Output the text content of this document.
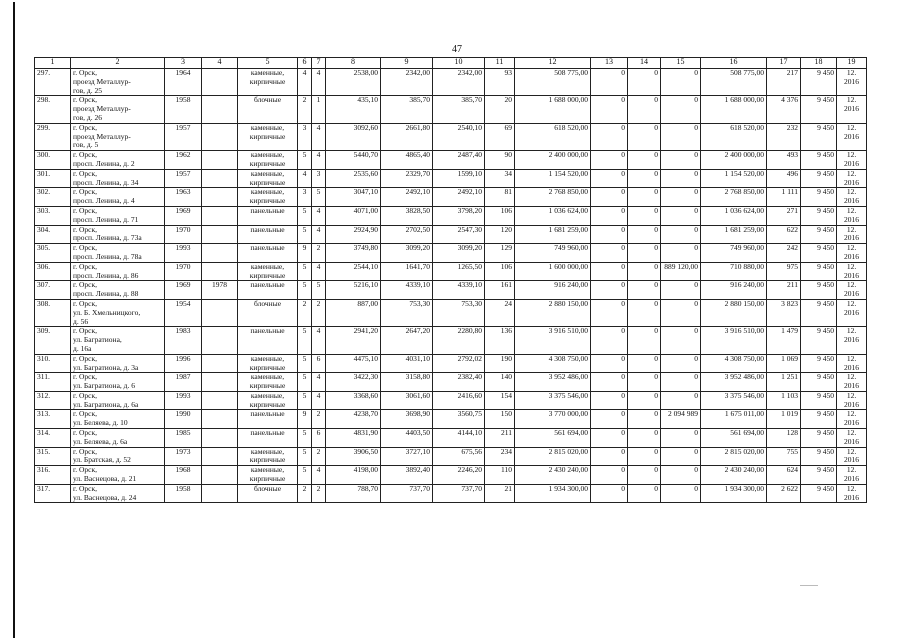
47
1	2	3	4	5	6	7	8	9	10	11	12	13	14	15	16	17	18	19
297.	г. Орск,
проезд Металлур-
гов, д. 25	1964		каменные,
кирпичные	4	4	2538,00	2342,00	2342,00	93	508 775,00	0	0	0	508 775,00	217	9 450	12.
2016
298.	г. Орск,
проезд Металлур-
гов, д. 26	1958		блочные	2	1	435,10	385,70	385,70	20	1 688 000,00	0	0	0	1 688 000,00	4 376	9 450	12.
2016
299.	г. Орск,
проезд Металлур-
гов, д. 5	1957		каменные,
кирпичные	3	4	3092,60	2661,80	2540,10	69	618 520,00	0	0	0	618 520,00	232	9 450	12.
2016
300.	г. Орск,
просп. Ленина, д. 2	1962		каменные,
кирпичные	5	4	5440,70	4865,40	2487,40	90	2 400 000,00	0	0	0	2 400 000,00	493	9 450	12.
2016
301.	г. Орск,
просп. Ленина, д. 34	1957		каменные,
кирпичные	4	3	2535,60	2329,70	1599,10	34	1 154 520,00	0	0	0	1 154 520,00	496	9 450	12.
2016
302.	г. Орск,
просп. Ленина, д. 4	1963		каменные,
кирпичные	3	5	3047,10	2492,10	2492,10	81	2 768 850,00	0	0	0	2 768 850,00	1 111	9 450	12.
2016
303.	г. Орск,
просп. Ленина, д. 71	1969		панельные	5	4	4071,00	3828,50	3798,20	106	1 036 624,00	0	0	0	1 036 624,00	271	9 450	12.
2016
304.	г. Орск,
просп. Ленина, д. 73а	1970		панельные	5	4	2924,90	2702,50	2547,30	120	1 681 259,00	0	0	0	1 681 259,00	622	9 450	12.
2016
305.	г. Орск,
просп. Ленина, д. 78а	1993		панельные	9	2	3749,80	3099,20	3099,20	129	749 960,00	0	0	0	749 960,00	242	9 450	12.
2016
306.	г. Орск,
просп. Ленина, д. 86	1970		каменные,
кирпичные	5	4	2544,10	1641,70	1265,50	106	1 600 000,00	0	0	889 120,00	710 880,00	975	9 450	12.
2016
307.	г. Орск,
просп. Ленина, д. 88	1969	1978	панельные	5	5	5216,10	4339,10	4339,10	161	916 240,00	0	0	0	916 240,00	211	9 450	12.
2016
308.	г. Орск,
ул. Б. Хмельницкого,
д. 56	1954		блочные	2	2	887,00	753,30	753,30	24	2 880 150,00	0	0	0	2 880 150,00	3 823	9 450	12.
2016
309.	г. Орск,
ул. Багратиона,
д. 16а	1983		панельные	5	4	2941,20	2647,20	2280,80	136	3 916 510,00	0	0	0	3 916 510,00	1 479	9 450	12.
2016
310.	г. Орск,
ул. Багратиона, д. 3а	1996		каменные,
кирпичные	5	6	4475,10	4031,10	2792,02	190	4 308 750,00	0	0	0	4 308 750,00	1 069	9 450	12.
2016
311.	г. Орск,
ул. Багратиона, д. 6	1987		каменные,
кирпичные	5	4	3422,30	3158,80	2382,40	140	3 952 486,00	0	0	0	3 952 486,00	1 251	9 450	12.
2016
312.	г. Орск,
ул. Багратиона, д. 6а	1993		каменные,
кирпичные	5	4	3368,60	3061,60	2416,60	154	3 375 546,00	0	0	0	3 375 546,00	1 103	9 450	12.
2016
313.	г. Орск,
ул. Беляева, д. 10	1990		панельные	9	2	4238,70	3698,90	3560,75	150	3 770 000,00	0	0	2 094 989	1 675 011,00	1 019	9 450	12.
2016
314.	г. Орск,
ул. Беляева, д. 6а	1985		панельные	5	6	4831,90	4403,50	4144,10	211	561 694,00	0	0	0	561 694,00	128	9 450	12.
2016
315.	г. Орск,
ул. Братская, д. 52	1973		каменные,
кирпичные	5	2	3906,50	3727,10	675,56	234	2 815 020,00	0	0	0	2 815 020,00	755	9 450	12.
2016
316.	г. Орск,
ул. Васнецова, д. 21	1968		каменные,
кирпичные	5	4	4198,00	3892,40	2246,20	110	2 430 240,00	0	0	0	2 430 240,00	624	9 450	12.
2016
317.	г. Орск,
ул. Васнецова, д. 24	1958		блочные	2	2	788,70	737,70	737,70	21	1 934 300,00	0	0	0	1 934 300,00	2 622	9 450	12.
2016
